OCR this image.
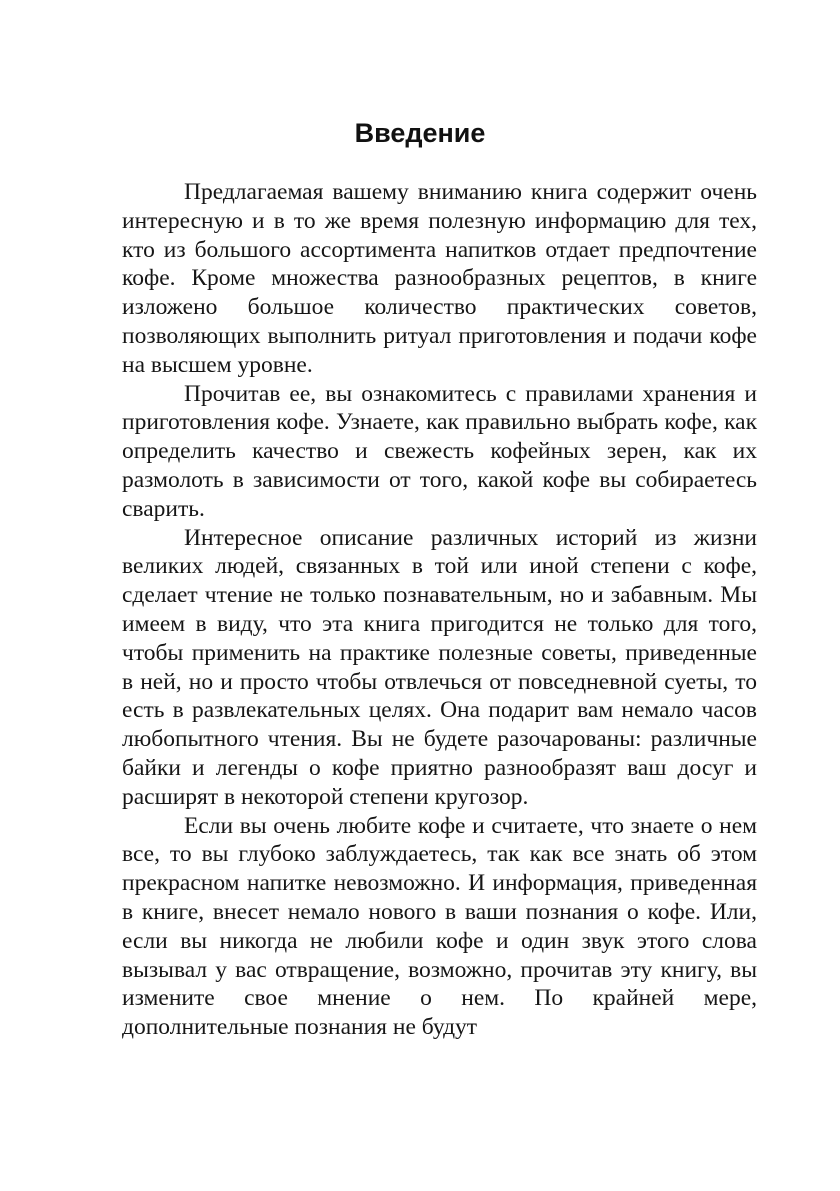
Введение

Предлагаемая вашему вниманию книга содержит очень интересную и в то же время полезную информацию для тех, кто из большого ассортимента напитков отдает предпочтение кофе. Кроме множества разнообразных рецептов, в книге изложено большое количество практических советов, позволяющих выполнить ритуал приготовления и подачи кофе на высшем уровне.

Прочитав ее, вы ознакомитесь с правилами хранения и приготовления кофе. Узнаете, как правильно выбрать кофе, как определить качество и свежесть кофейных зерен, как их размолоть в зависимости от того, какой кофе вы собираетесь сварить.

Интересное описание различных историй из жизни великих людей, связанных в той или иной степени с кофе, сделает чтение не только познавательным, но и забавным. Мы имеем в виду, что эта книга пригодится не только для того, чтобы применить на практике полезные советы, приведенные в ней, но и просто чтобы отвлечься от повседневной суеты, то есть в развлекательных целях. Она подарит вам немало часов любопытного чтения. Вы не будете разочарованы: различные байки и легенды о кофе приятно разнообразят ваш досуг и расширят в некоторой степени кругозор.

Если вы очень любите кофе и считаете, что знаете о нем все, то вы глубоко заблуждаетесь, так как все знать об этом прекрасном напитке невозможно. И информация, приведенная в книге, внесет немало нового в ваши познания о кофе. Или, если вы никогда не любили кофе и один звук этого слова вызывал у вас отвращение, возможно, прочитав эту книгу, вы измените свое мнение о нем. По крайней мере, дополнительные познания не будут
